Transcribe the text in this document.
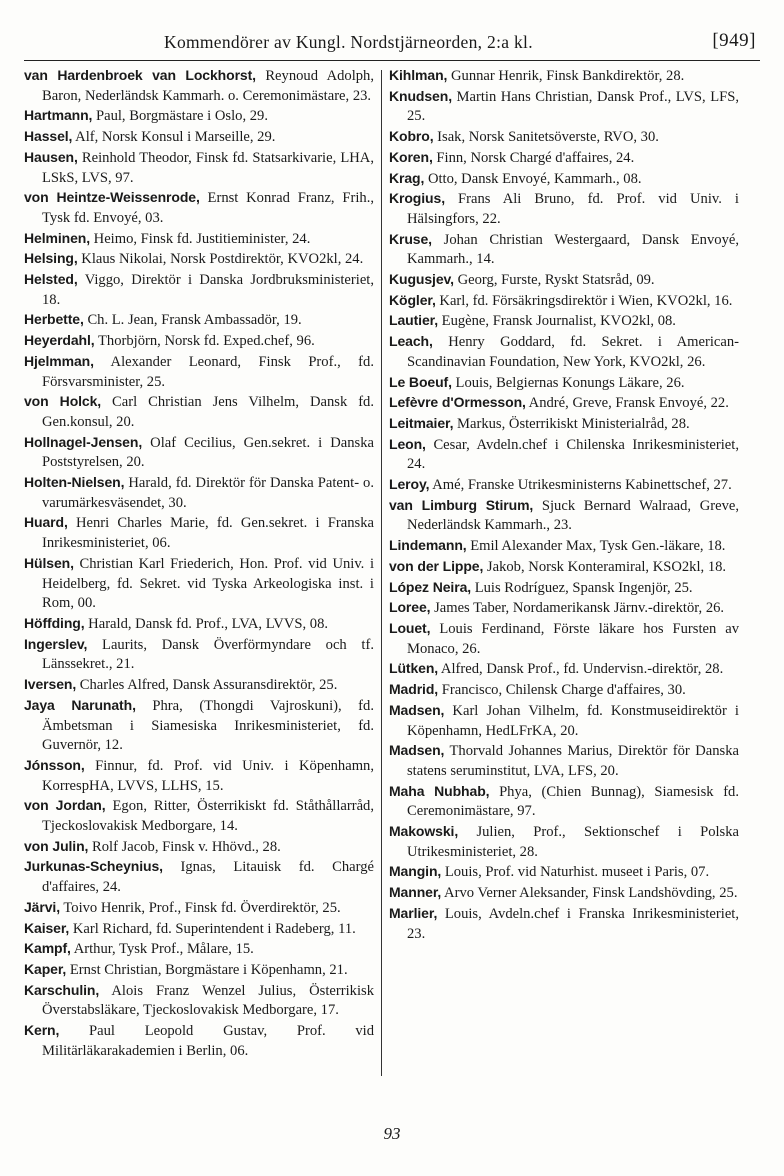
Kommendörer av Kungl. Nordstjärneorden, 2:a kl.	[949]
van Hardenbroek van Lockhorst, Reynoud Adolph, Baron, Nederländsk Kammarh. o. Ceremonimästare, 23.
Hartmann, Paul, Borgmästare i Oslo, 29.
Hassel, Alf, Norsk Konsul i Marseille, 29.
Hausen, Reinhold Theodor, Finsk fd. Statsarkivarie, LHA, LSkS, LVS, 97.
von Heintze-Weissenrode, Ernst Konrad Franz, Frih., Tysk fd. Envoyé, 03.
Helminen, Heimo, Finsk fd. Justitieminister, 24.
Helsing, Klaus Nikolai, Norsk Postdirektör, KVO2kl, 24.
Helsted, Viggo, Direktör i Danska Jordbruksministeriet, 18.
Herbette, Ch. L. Jean, Fransk Ambassadör, 19.
Heyerdahl, Thorbjörn, Norsk fd. Exped.chef, 96.
Hjelmman, Alexander Leonard, Finsk Prof., fd. Försvarsminister, 25.
von Holck, Carl Christian Jens Vilhelm, Dansk fd. Gen.konsul, 20.
Hollnagel-Jensen, Olaf Cecilius, Gen.sekret. i Danska Poststyrelsen, 20.
Holten-Nielsen, Harald, fd. Direktör för Danska Patent- o. varumärkesväsendet, 30.
Huard, Henri Charles Marie, fd. Gen.sekret. i Franska Inrikesministeriet, 06.
Hülsen, Christian Karl Friederich, Hon. Prof. vid Univ. i Heidelberg, fd. Sekret. vid Tyska Arkeologiska inst. i Rom, 00.
Höffding, Harald, Dansk fd. Prof., LVA, LVVS, 08.
Ingerslev, Laurits, Dansk Överförmyndare och tf. Länssekret., 21.
Iversen, Charles Alfred, Dansk Assuransdirektör, 25.
Jaya Narunath, Phra, (Thongdi Vajroskuni), fd. Ämbetsman i Siamesiska Inrikesministeriet, fd. Guvernör, 12.
Jónsson, Finnur, fd. Prof. vid Univ. i Köpenhamn, KorrespHA, LVVS, LLHS, 15.
von Jordan, Egon, Ritter, Österrikiskt fd. Ståthållarråd, Tjeckoslovakisk Medborgare, 14.
von Julin, Rolf Jacob, Finsk v. Hhövd., 28.
Jurkunas-Scheynius, Ignas, Litauisk fd. Chargé d'affaires, 24.
Järvi, Toivo Henrik, Prof., Finsk fd. Överdirektör, 25.
Kaiser, Karl Richard, fd. Superintendent i Radeberg, 11.
Kampf, Arthur, Tysk Prof., Målare, 15.
Kaper, Ernst Christian, Borgmästare i Köpenhamn, 21.
Karschulin, Alois Franz Wenzel Julius, Österrikisk Överstabsläkare, Tjeckoslovakisk Medborgare, 17.
Kern, Paul Leopold Gustav, Prof. vid Militärläkarakademien i Berlin, 06.
Kihlman, Gunnar Henrik, Finsk Bankdirektör, 28.
Knudsen, Martin Hans Christian, Dansk Prof., LVS, LFS, 25.
Kobro, Isak, Norsk Sanitetsöverste, RVO, 30.
Koren, Finn, Norsk Chargé d'affaires, 24.
Krag, Otto, Dansk Envoyé, Kammarh., 08.
Krogius, Frans Ali Bruno, fd. Prof. vid Univ. i Hälsingfors, 22.
Kruse, Johan Christian Westergaard, Dansk Envoyé, Kammarh., 14.
Kugusjev, Georg, Furste, Ryskt Statsråd, 09.
Kögler, Karl, fd. Försäkringsdirektör i Wien, KVO2kl, 16.
Lautier, Eugène, Fransk Journalist, KVO2kl, 08.
Leach, Henry Goddard, fd. Sekret. i American-Scandinavian Foundation, New York, KVO2kl, 26.
Le Boeuf, Louis, Belgiernas Konungs Läkare, 26.
Lefèvre d'Ormesson, André, Greve, Fransk Envoyé, 22.
Leitmaier, Markus, Österrikiskt Ministerialråd, 28.
Leon, Cesar, Avdeln.chef i Chilenska Inrikesministeriet, 24.
Leroy, Amé, Franske Utrikesministerns Kabinettschef, 27.
van Limburg Stirum, Sjuck Bernard Walraad, Greve, Nederländsk Kammarh., 23.
Lindemann, Emil Alexander Max, Tysk Gen.-läkare, 18.
von der Lippe, Jakob, Norsk Konteramiral, KSO2kl, 18.
López Neira, Luis Rodríguez, Spansk Ingenjör, 25.
Loree, James Taber, Nordamerikansk Järnv.-direktör, 26.
Louet, Louis Ferdinand, Förste läkare hos Fursten av Monaco, 26.
Lütken, Alfred, Dansk Prof., fd. Undervisn.-direktör, 28.
Madrid, Francisco, Chilensk Charge d'affaires, 30.
Madsen, Karl Johan Vilhelm, fd. Konstmuseidirektör i Köpenhamn, HedLFrKA, 20.
Madsen, Thorvald Johannes Marius, Direktör för Danska statens seruminstitut, LVA, LFS, 20.
Maha Nubhab, Phya, (Chien Bunnag), Siamesisk fd. Ceremonimästare, 97.
Makowski, Julien, Prof., Sektionschef i Polska Utrikesministeriet, 28.
Mangin, Louis, Prof. vid Naturhist. museet i Paris, 07.
Manner, Arvo Verner Aleksander, Finsk Landshövding, 25.
Marlier, Louis, Avdeln.chef i Franska Inrikesministeriet, 23.
93
